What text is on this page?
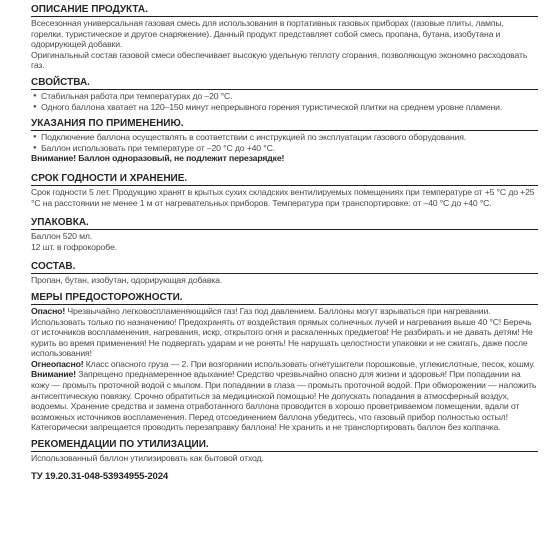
ОПИСАНИЕ ПРОДУКТА.

Всесезонная универсальная газовая смесь для использования в портативных газовых приборах (газовые плиты, лампы, горелки, туристическое и другое снаряжение). Данный продукт представляет собой смесь пропана, бутана, изобутана и одорирующей добавки.

Оригинальный состав газовой смеси обеспечивает высокую удельную теплоту сгорания, позволяющую экономно расходовать газ.

СВОЙСТВА.
● Стабильная работа при температурах до –20 °С.
● Одного баллона хватает на 120–150 минут непрерывного горения туристической плитки на среднем уровне пламени.
УКАЗАНИЯ ПО ПРИМЕНЕНИЮ.
● Подключение баллона осуществлять в соответствии с инструкцией по эксплуатации газового оборудования.
● Баллон использовать при температуре от –20 °С до +40 °С.
Внимание! Баллон одноразовый, не подлежит перезарядке!
СРОК ГОДНОСТИ И ХРАНЕНИЕ.

Срок годности 5 лет. Продукцию хранят в крытых сухих складских вентилируемых помещениях при температуре от +5 °С до +25 °С на расстоянии не менее 1 м от нагревательных приборов. Температура при транспортировке: от –40 °С до +40 °С.

УПАКОВКА.

Баллон 520 мл.

12 шт. в гофрокоробе.

СОСТАВ.

Пропан, бутан, изобутан, одорирующая добавка.

МЕРЫ ПРЕДОСТОРОЖНОСТИ.

Опасно! Чрезвычайно легковоспламеняющийся газ! Газ под давлением. Баллоны могут взрываться при нагревании. Использовать только по назначению! Предохранять от воздействия прямых солнечных лучей и нагревания выше 40 °С! Беречь от источников воспламенения, нагревания, искр, открытого огня и раскаленных предметов! Не разбирать и не давать детям! Не курить во время применения! Не подвергать ударам и не ронять! Не нарушать целостности упаковки и не сжигать, даже после использования!

Огнеопасно! Класс опасного груза — 2. При возгорании использовать огнетушители порошковые, углекислотные, песок, кошму.

Внимание! Запрещено преднамеренное вдыхание! Средство чрезвычайно опасно для жизни и здоровья! При попадании на кожу — промыть проточной водой с мылом. При попадании в глаза — промыть проточной водой. При обморожении — наложить антисептическую повязку. Срочно обратиться за медицинской помощью! Не допускать попадания в атмосферный воздух, водоемы. Хранение средства и замена отработанного баллона проводится в хорошо проветриваемом помещении, вдали от возможных источников воспламенения. Перед отсоединением баллона убедитесь, что газовый прибор полностью остыл! Категорически запрещается проводить перезаправку баллона! Не хранить и не транспортировать баллон без колпачка.

РЕКОМЕНДАЦИИ ПО УТИЛИЗАЦИИ.

Использованный баллон утилизировать как бытовой отход.

ТУ 19.20.31-048-53934955-2024
